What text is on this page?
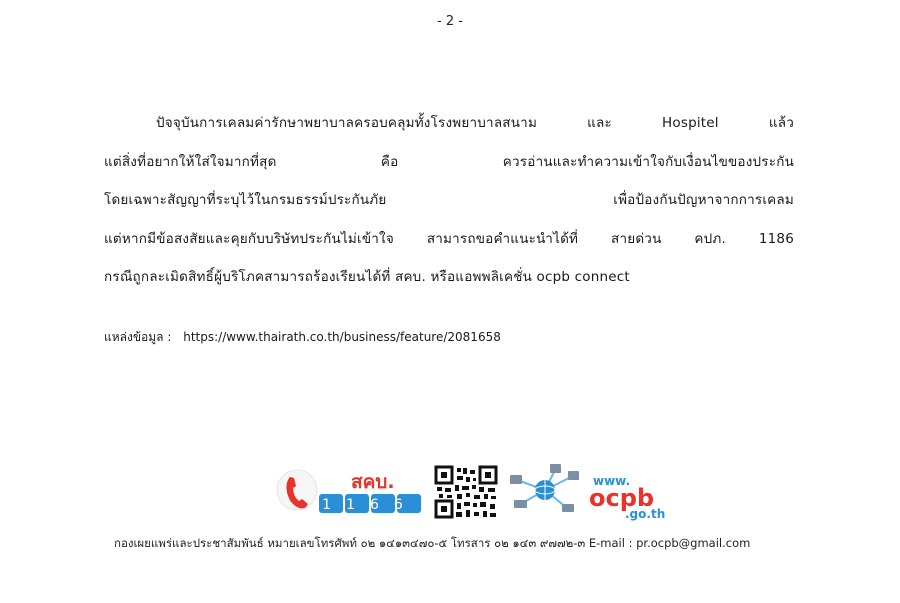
- 2 -
ปัจจุบันการเคลมค่ารักษาพยาบาลครอบคลุมทั้งโรงพยาบาลสนาม และ Hospitel แล้ว
แต่สิ่งที่อยากให้ใส่ใจมากที่สุด คือ ควรอ่านและทำความเข้าใจกับเงื่อนไขของประกัน
โดยเฉพาะสัญญาที่ระบุไว้ในกรมธรรม์ประกันภัย เพื่อป้องกันปัญหาจากการเคลม
แต่หากมีข้อสงสัยและคุยกับบริษัทประกันไม่เข้าใจ สามารถขอคำแนะนำได้ที่ สายด่วน คปภ. 1186
กรณีถูกละเมิดสิทธิ์ผู้บริโภคสามารถร้องเรียนได้ที่ สคบ. หรือแอพพลิเคชั่น ocpb connect
แหล่งข้อมูล : https://www.thairath.co.th/business/feature/2081658
สคบ.
1166
www.
ocpb
.go.th
กองเผยแพร่และประชาสัมพันธ์ หมายเลขโทรศัพท์ ๐๒ ๑๔๑๓๔๗๐-๕ โทรสาร ๐๒ ๑๔๓ ๙๗๗๒-๓ E-mail : pr.ocpb@gmail.com
